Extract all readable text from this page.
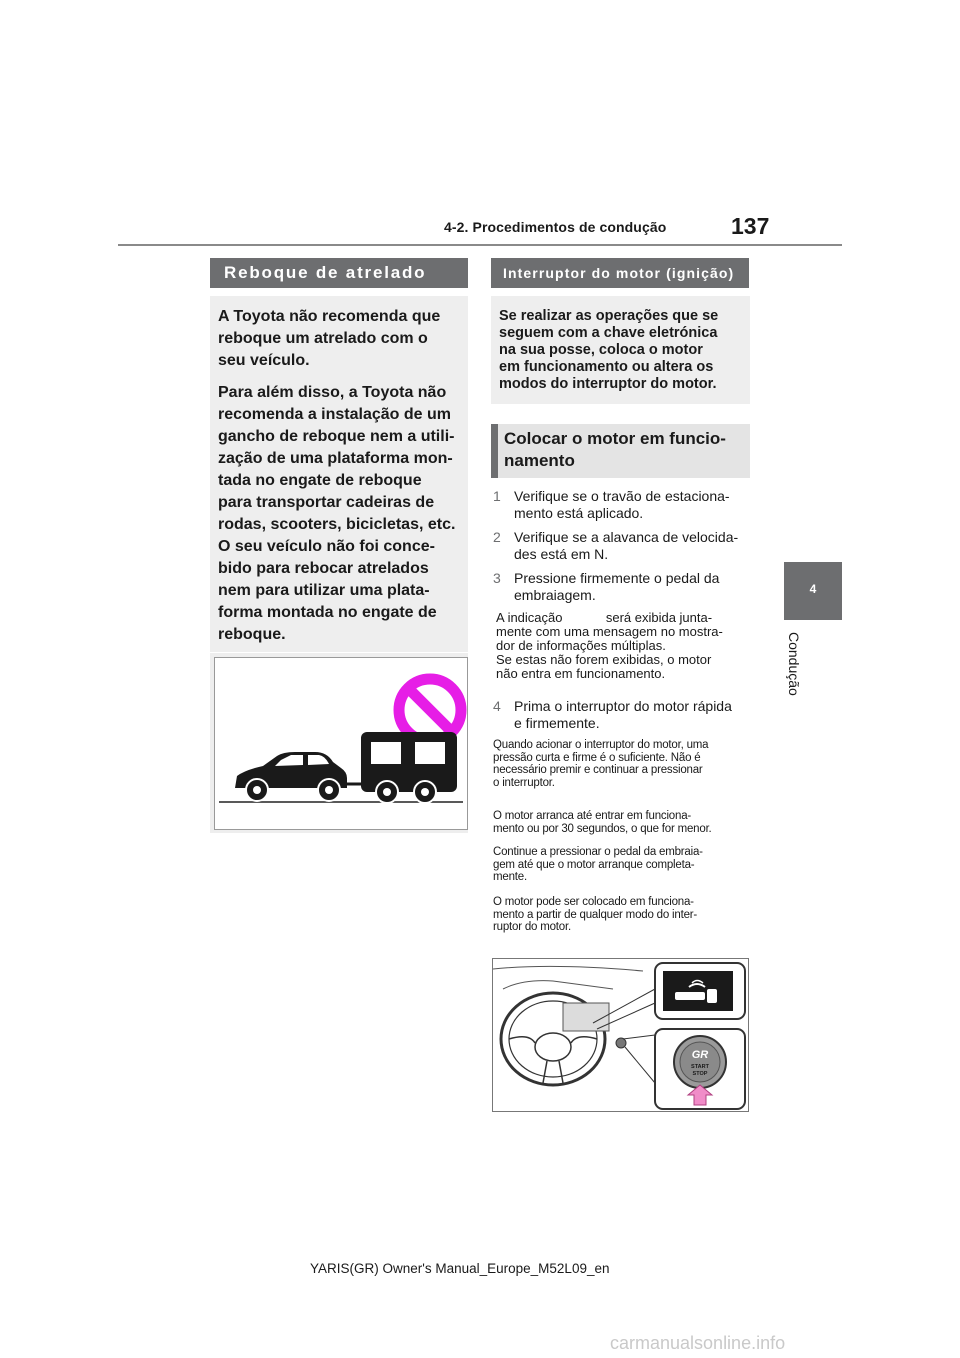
4-2. Procedimentos de condução	137
4
Condução
Reboque de atrelado

A Toyota não recomenda que
reboque um atrelado com o
seu veículo.

Para além disso, a Toyota não
recomenda a instalação de um
gancho de reboque nem a utili-
zação de uma plataforma mon-
tada no engate de reboque
para transportar cadeiras de
rodas, scooters, bicicletas, etc.
O seu veículo não foi conce-
bido para rebocar atrelados
nem para utilizar uma plata-
forma montada no engate de
reboque.

Interruptor do motor (ignição)
Se realizar as operações que se
seguem com a chave eletrónica
na sua posse, coloca o motor
em funcionamento ou altera os
modos do interruptor do motor.
Colocar o motor em funcio-
namento
1 Verifique se o travão de estaciona-
mento está aplicado.
2 Verifique se a alavanca de velocida-
des está em N.
3 Pressione firmemente o pedal da
embraiagem.
A indicação            será exibida junta-
mente com uma mensagem no mostra-
dor de informações múltiplas.
Se estas não forem exibidas, o motor
não entra em funcionamento.
4 Prima o interruptor do motor rápida
e firmemente.
Quando acionar o interruptor do motor, uma
pressão curta e firme é o suficiente. Não é
necessário premir e continuar a pressionar
o interruptor.
O motor arranca até entrar em funciona-
mento ou por 30 segundos, o que for menor.
Continue a pressionar o pedal da embraia-
gem até que o motor arranque completa-
mente.
O motor pode ser colocado em funciona-
mento a partir de qualquer modo do inter-
ruptor do motor.
GR
START
STOP
YARIS(GR) Owner's Manual_Europe_M52L09_en
carmanualsonline.info
